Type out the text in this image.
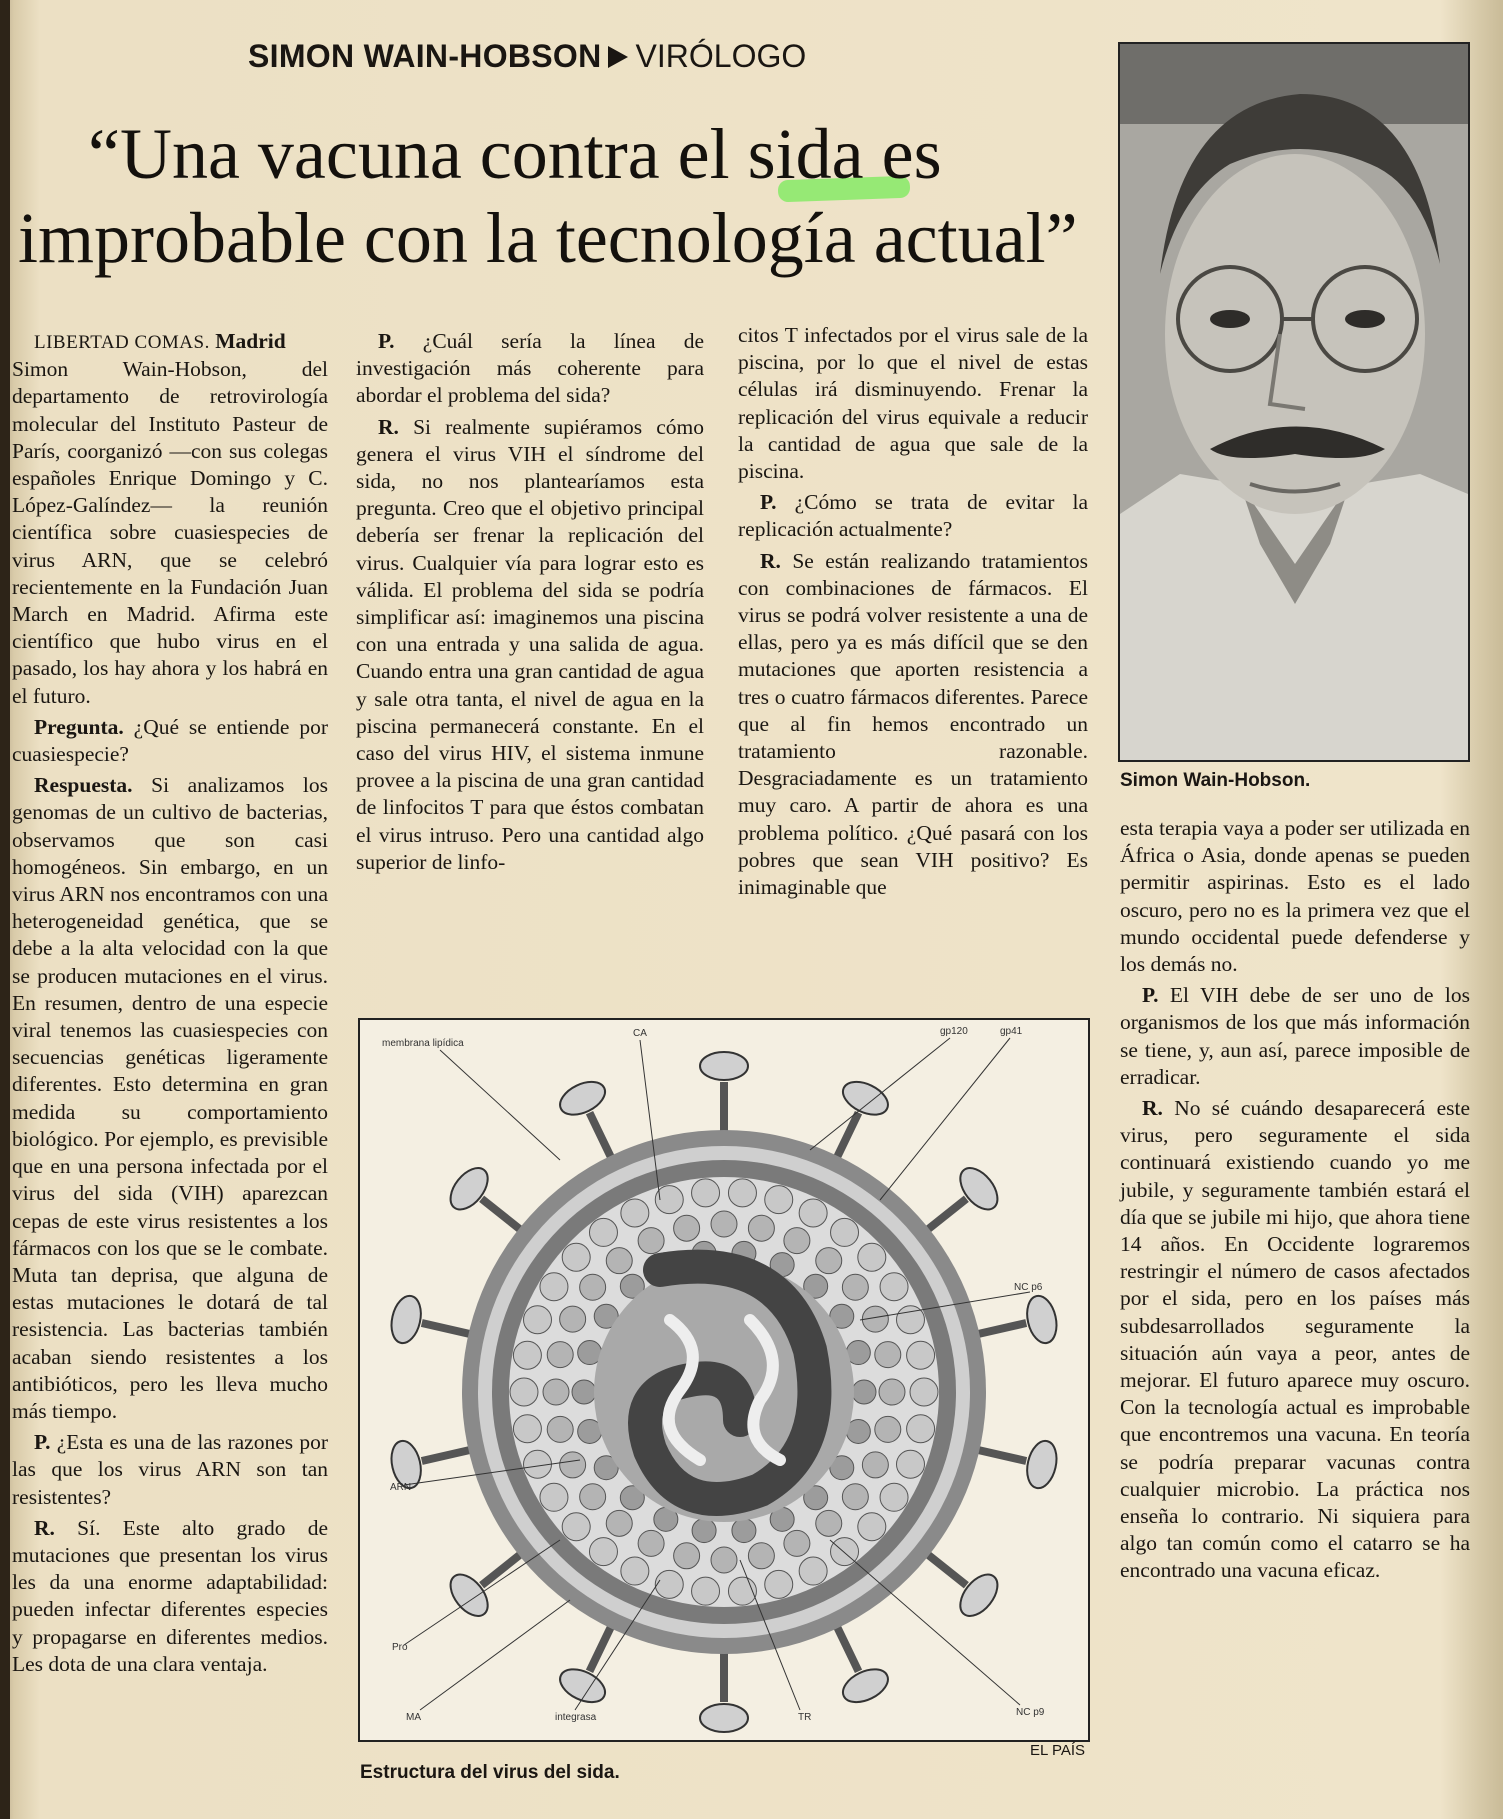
SIMON WAIN-HOBSON VIRÓLOGO
“Una vacuna contra el sida es
improbable con la tecnología actual”

LIBERTAD COMAS. Madrid

Simon Wain-Hobson, del departamento de retrovirología molecular del Instituto Pasteur de París, coorganizó —con sus colegas españoles Enrique Domingo y C. López-Galíndez— la reunión científica sobre cuasiespecies de virus ARN, que se celebró recientemente en la Fundación Juan March en Madrid. Afirma este científico que hubo virus en el pasado, los hay ahora y los habrá en el futuro.

Pregunta. ¿Qué se entiende por cuasiespecie?

Respuesta. Si analizamos los genomas de un cultivo de bacterias, observamos que son casi homogéneos. Sin embargo, en un virus ARN nos encontramos con una heterogeneidad genética, que se debe a la alta velocidad con la que se producen mutaciones en el virus. En resumen, dentro de una especie viral tenemos las cuasiespecies con secuencias genéticas ligeramente diferentes. Esto determina en gran medida su comportamiento biológico. Por ejemplo, es previsible que en una persona infectada por el virus del sida (VIH) aparezcan cepas de este virus resistentes a los fármacos con los que se le combate. Muta tan deprisa, que alguna de estas mutaciones le dotará de tal resistencia. Las bacterias también acaban siendo resistentes a los antibióticos, pero les lleva mucho más tiempo.

P. ¿Esta es una de las razones por las que los virus ARN son tan resistentes?

R. Sí. Este alto grado de mutaciones que presentan los virus les da una enorme adaptabilidad: pueden infectar diferentes especies y propagarse en diferentes medios. Les dota de una clara ventaja.

P. ¿Cuál sería la línea de investigación más coherente para abordar el problema del sida?

R. Si realmente supiéramos cómo genera el virus VIH el síndrome del sida, no nos plantearíamos esta pregunta. Creo que el objetivo principal debería ser frenar la replicación del virus. Cualquier vía para lograr esto es válida. El problema del sida se podría simplificar así: imaginemos una piscina con una entrada y una salida de agua. Cuando entra una gran cantidad de agua y sale otra tanta, el nivel de agua en la piscina permanecerá constante. En el caso del virus HIV, el sistema inmune provee a la piscina de una gran cantidad de linfocitos T para que éstos combatan el virus intruso. Pero una cantidad algo superior de linfo-

citos T infectados por el virus sale de la piscina, por lo que el nivel de estas células irá disminuyendo. Frenar la replicación del virus equivale a reducir la cantidad de agua que sale de la piscina.

P. ¿Cómo se trata de evitar la replicación actualmente?

R. Se están realizando tratamientos con combinaciones de fármacos. El virus se podrá volver resistente a una de ellas, pero ya es más difícil que se den mutaciones que aporten resistencia a tres o cuatro fármacos diferentes. Parece que al fin hemos encontrado un tratamiento razonable. Desgraciadamente es un tratamiento muy caro. A partir de ahora es una problema político. ¿Qué pasará con los pobres que sean VIH positivo? Es inimaginable que

esta terapia vaya a poder ser utilizada en África o Asia, donde apenas se pueden permitir aspirinas. Esto es el lado oscuro, pero no es la primera vez que el mundo occidental puede defenderse y los demás no.

P. El VIH debe de ser uno de los organismos de los que más información se tiene, y, aun así, parece imposible de erradicar.

R. No sé cuándo desaparecerá este virus, pero seguramente el sida continuará existiendo cuando yo me jubile, y seguramente también estará el día que se jubile mi hijo, que ahora tiene 14 años. En Occidente lograremos restringir el número de casos afectados por el sida, pero en los países más subdesarrollados seguramente la situación aún vaya a peor, antes de mejorar. El futuro aparece muy oscuro. Con la tecnología actual es improbable que encontremos una vacuna. En teoría se podría preparar vacunas contra cualquier microbio. La práctica nos enseña lo contrario. Ni siquiera para algo tan común como el catarro se ha encontrado una vacuna eficaz.

Simon Wain-Hobson.
membrana lipídica
CA	gp120	gp41
NC p6
ARN
Pro
MA	integrasa	TR	NC p9
EL PAÍS
Estructura del virus del sida.
